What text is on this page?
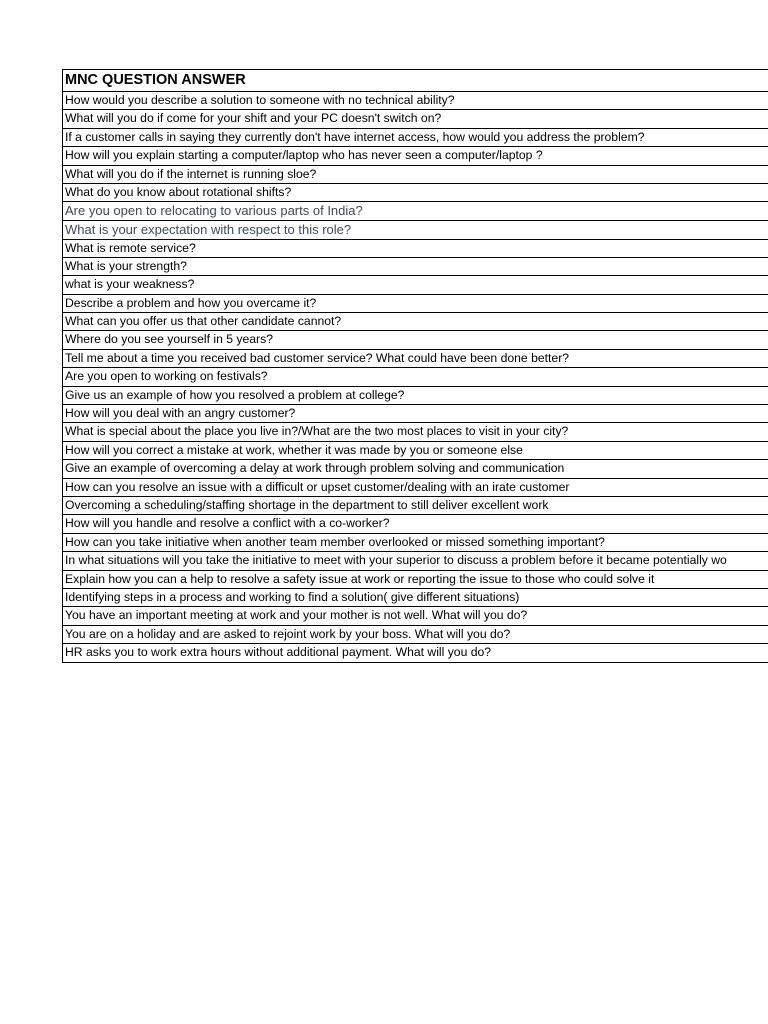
MNC QUESTION ANSWER
How would you describe a solution to someone with no technical ability?
What will you do if come for your shift and your PC doesn't switch on?
If a customer calls in saying they currently don't have internet access, how would you address the problem?
How will you explain starting a computer/laptop who has never seen a computer/laptop ?
What will you do if the internet is running sloe?
What do you know about rotational shifts?
Are you open to relocating to various parts of India?
What is your expectation with respect to this role?
What is remote service?
What is your strength?
what is your weakness?
Describe a problem and how you overcame it?
What can you offer us that other candidate cannot?
Where do you see yourself in 5 years?
Tell me about a time you received bad customer service? What could have been done better?
Are you open to working on festivals?
Give us an example of how you resolved a problem at college?
How will you deal with an angry customer?
What is special about the place you live in?/What are the two most places to visit in your city?
How will you correct a mistake at work, whether it was made by you or someone else
Give an example of overcoming a delay at work through problem solving and communication
How can you resolve an issue with a difficult or upset customer/dealing with an irate customer
Overcoming a scheduling/staffing shortage in the department to still deliver excellent work
How will you handle and resolve a conflict with a co-worker?
How can you take initiative when another team member overlooked or missed something important?
In what situations will you take the initiative to meet with your superior to discuss a problem before it became potentially wo
Explain how you can a help to resolve a safety issue at work or reporting the issue to those who could solve it
Identifying steps in a process and working to find a solution( give different situations)
You have an important meeting at work and your mother is not well. What will you do?
You are on a holiday and are asked to rejoint work by your boss. What will you do?
HR asks you to work extra hours without additional payment. What will you do?
